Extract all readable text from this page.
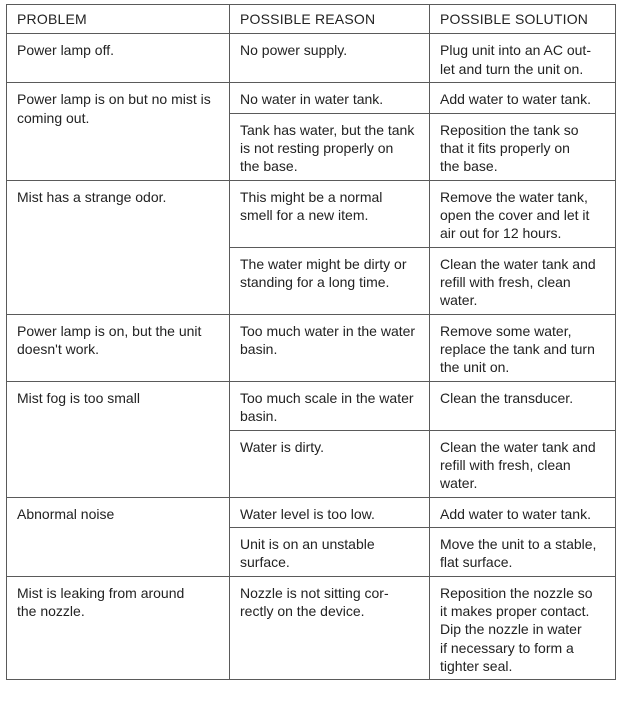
PROBLEM	POSSIBLE REASON	POSSIBLE SOLUTION
Power lamp off.	No power supply.	Plug unit into an AC out-
let and turn the unit on.
Power lamp is on but no mist is
coming out.	No water in water tank.	Add water to water tank.
	Tank has water, but the tank
is not resting properly on
the base.	Reposition the tank so
that it fits properly on
the base.
Mist has a strange odor.	This might be a normal
smell for a new item.	Remove the water tank,
open the cover and let it
air out for 12 hours.
	The water might be dirty or
standing for a long time.	Clean the water tank and
refill with fresh, clean
water.
Power lamp is on, but the unit
doesn't work.	Too much water in the water
basin.	Remove some water,
replace the tank and turn
the unit on.
Mist fog is too small	Too much scale in the water
basin.	Clean the transducer.
	Water is dirty.	Clean the water tank and
refill with fresh, clean
water.
Abnormal noise	Water level is too low.	Add water to water tank.
	Unit is on an unstable
surface.	Move the unit to a stable,
flat surface.
Mist is leaking from around
the nozzle.	Nozzle is not sitting cor-
rectly on the device.	Reposition the nozzle so
it makes proper contact.
Dip the nozzle in water
if necessary to form a
tighter seal.
